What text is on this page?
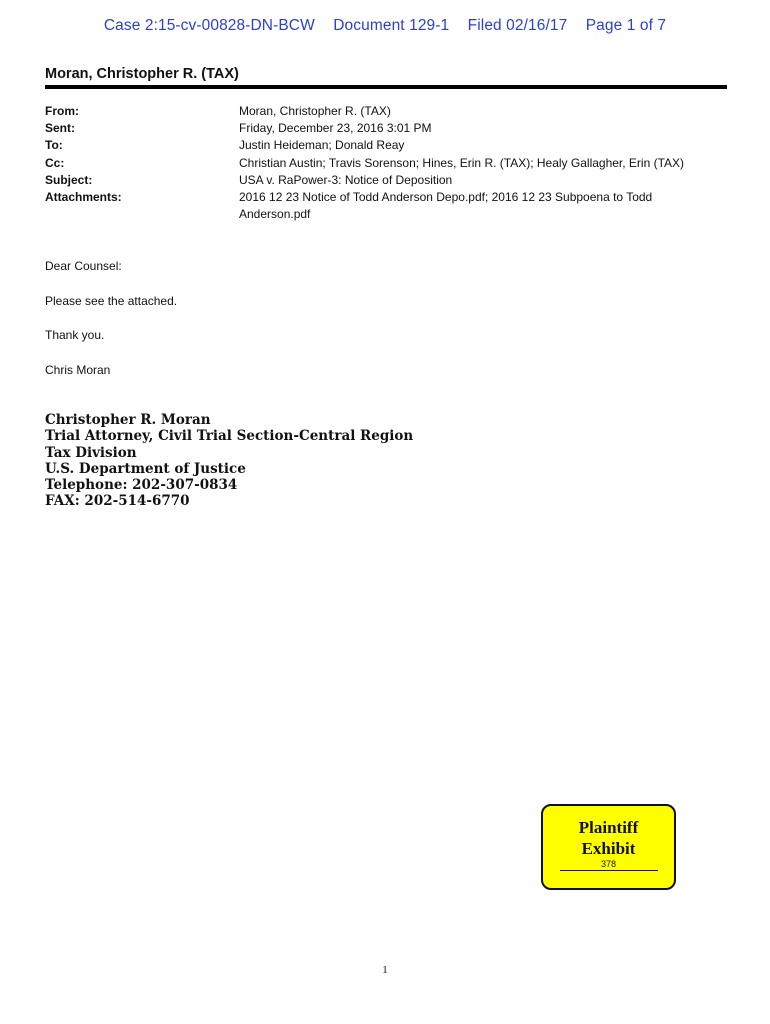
Case 2:15-cv-00828-DN-BCW Document 129-1 Filed 02/16/17 Page 1 of 7
Moran, Christopher R. (TAX)
From:	Moran, Christopher R. (TAX)
Sent:	Friday, December 23, 2016 3:01 PM
To:	Justin Heideman; Donald Reay
Cc:	Christian Austin; Travis Sorenson; Hines, Erin R. (TAX); Healy Gallagher, Erin (TAX)
Subject:	USA v. RaPower-3: Notice of Deposition
Attachments:	2016 12 23 Notice of Todd Anderson Depo.pdf; 2016 12 23 Subpoena to Todd Anderson.pdf

Dear Counsel:

Please see the attached.

Thank you.

Chris Moran

Christopher R. Moran
Trial Attorney, Civil Trial Section-Central Region
Tax Division
U.S. Department of Justice
Telephone: 202-307-0834
FAX: 202-514-6770
Plaintiff
Exhibit
378
1
